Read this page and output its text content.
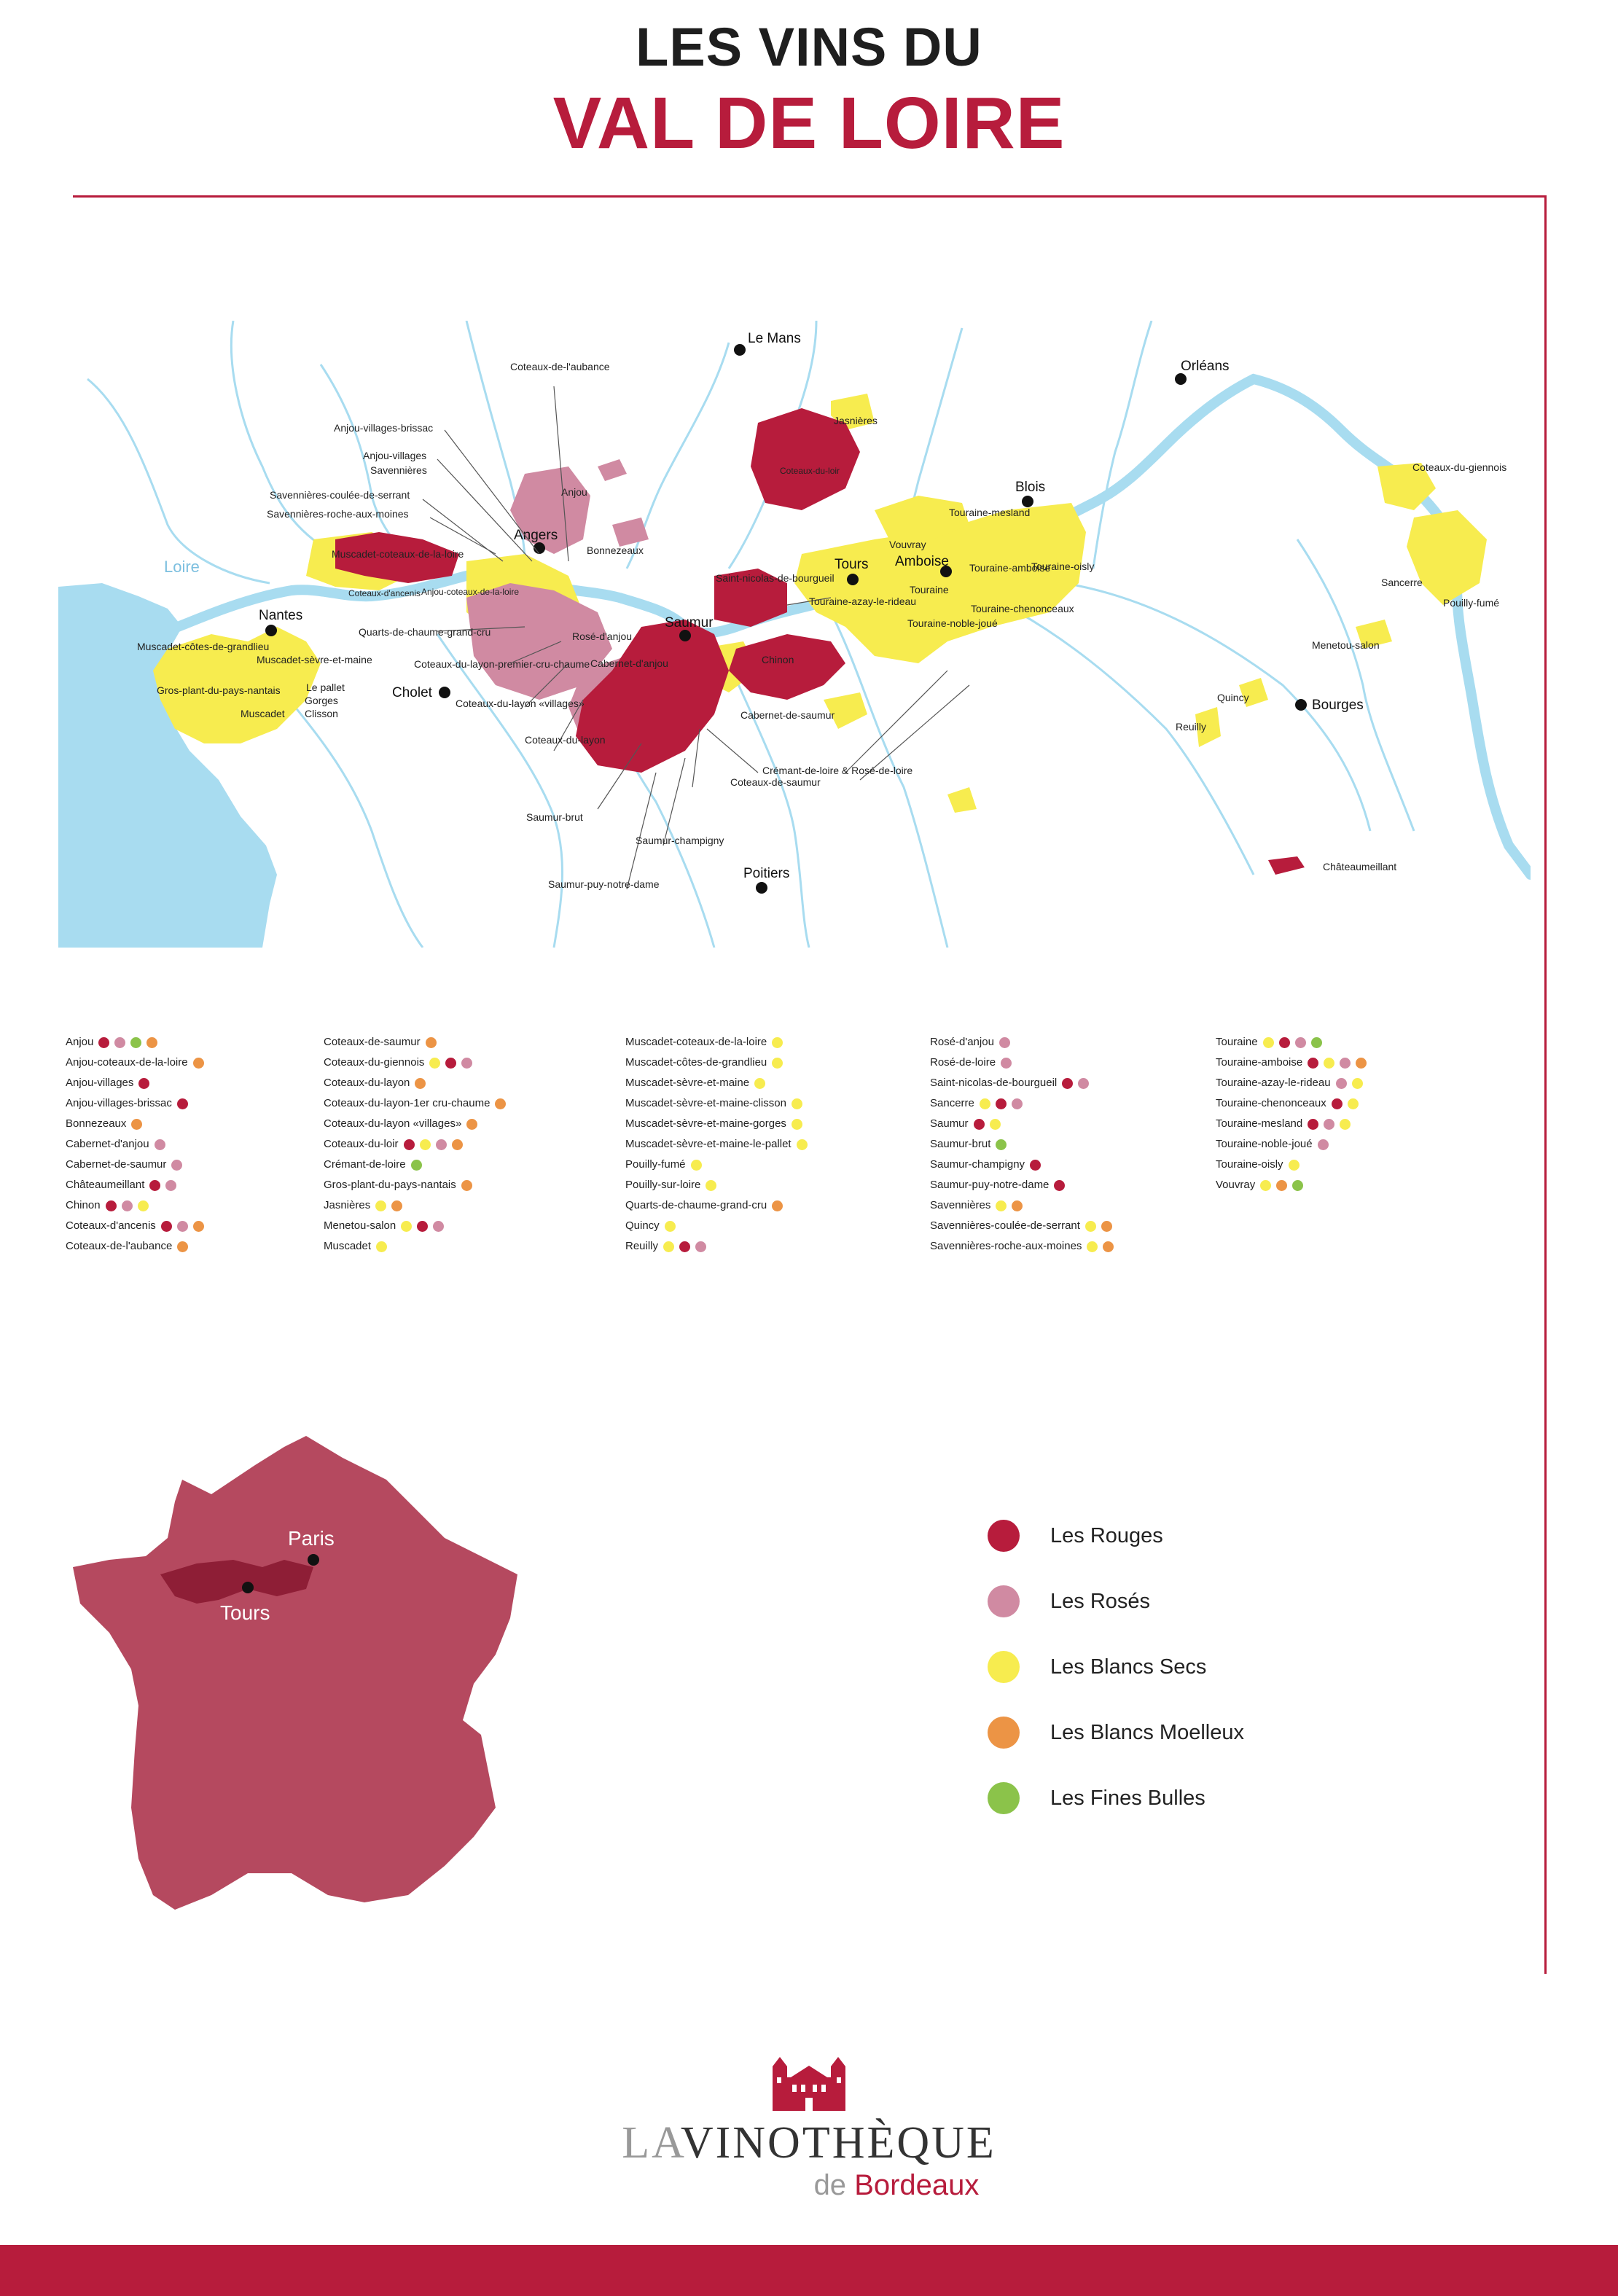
LES VINS DU
VAL DE LOIRE
Le Mans
Orléans
Angers
Nantes	Saumur
Tours Amboise
Blois
Cholet
Bourges
Poitiers
Loire
Coteaux-de-l'aubance
Anjou-villages-brissac
Anjou-villages
Savennières
Savennières-coulée-de-serrant
Savennières-roche-aux-moines
Muscadet-coteaux-de-la-loire
Anjou
Bonnezeaux
Coteaux-d'ancenis Anjou-coteaux-de-la-loire
Quarts-de-chaume-grand-cru
Coteaux-du-layon-premier-cru-chaume
Coteaux-du-layon «villages»
Coteaux-du-layon
Rosé-d'anjou
Cabernet-d'anjou
Muscadet-côtes-de-grandlieu
Muscadet-sèvre-et-maine
Gros-plant-du-pays-nantais	Le pallet
Gorges
Clisson
Muscadet
Jasnières
Coteaux-du-loir
Saint-nicolas-de-bourgueil
Touraine-mesland
Vouvray
Touraine-amboise
Touraine-oisly
Touraine
Touraine-azay-le-rideau
Touraine-noble-joué
Touraine-chenonceaux
Chinon
Cabernet-de-saumur
Crémant-de-loire & Rosé-de-loire
Coteaux-de-saumur
Saumur-brut
Saumur-champigny
Saumur-puy-notre-dame
Coteaux-du-giennois
Sancerre
Pouilly-fumé
Menetou-salon
Quincy
Reuilly
Châteaumeillant
Anjou
Anjou-coteaux-de-la-loire
Anjou-villages
Anjou-villages-brissac
Bonnezeaux
Cabernet-d'anjou
Cabernet-de-saumur
Châteaumeillant
Chinon
Coteaux-d'ancenis
Coteaux-de-l'aubance
Coteaux-de-saumur
Coteaux-du-giennois
Coteaux-du-layon
Coteaux-du-layon-1er cru-chaume
Coteaux-du-layon «villages»
Coteaux-du-loir
Crémant-de-loire
Gros-plant-du-pays-nantais
Jasnières
Menetou-salon
Muscadet
Muscadet-coteaux-de-la-loire
Muscadet-côtes-de-grandlieu
Muscadet-sèvre-et-maine
Muscadet-sèvre-et-maine-clisson
Muscadet-sèvre-et-maine-gorges
Muscadet-sèvre-et-maine-le-pallet
Pouilly-fumé
Pouilly-sur-loire
Quarts-de-chaume-grand-cru
Quincy
Reuilly
Rosé-d'anjou
Rosé-de-loire
Saint-nicolas-de-bourgueil
Sancerre
Saumur
Saumur-brut
Saumur-champigny
Saumur-puy-notre-dame
Savennières
Savennières-coulée-de-serrant
Savennières-roche-aux-moines
Touraine
Touraine-amboise
Touraine-azay-le-rideau
Touraine-chenonceaux
Touraine-mesland
Touraine-noble-joué
Touraine-oisly
Vouvray
Paris
Tours
Les Rouges
Les Rosés
Les Blancs Secs
Les Blancs Moelleux
Les Fines Bulles
LAVINOTHÈQUE
de Bordeaux
